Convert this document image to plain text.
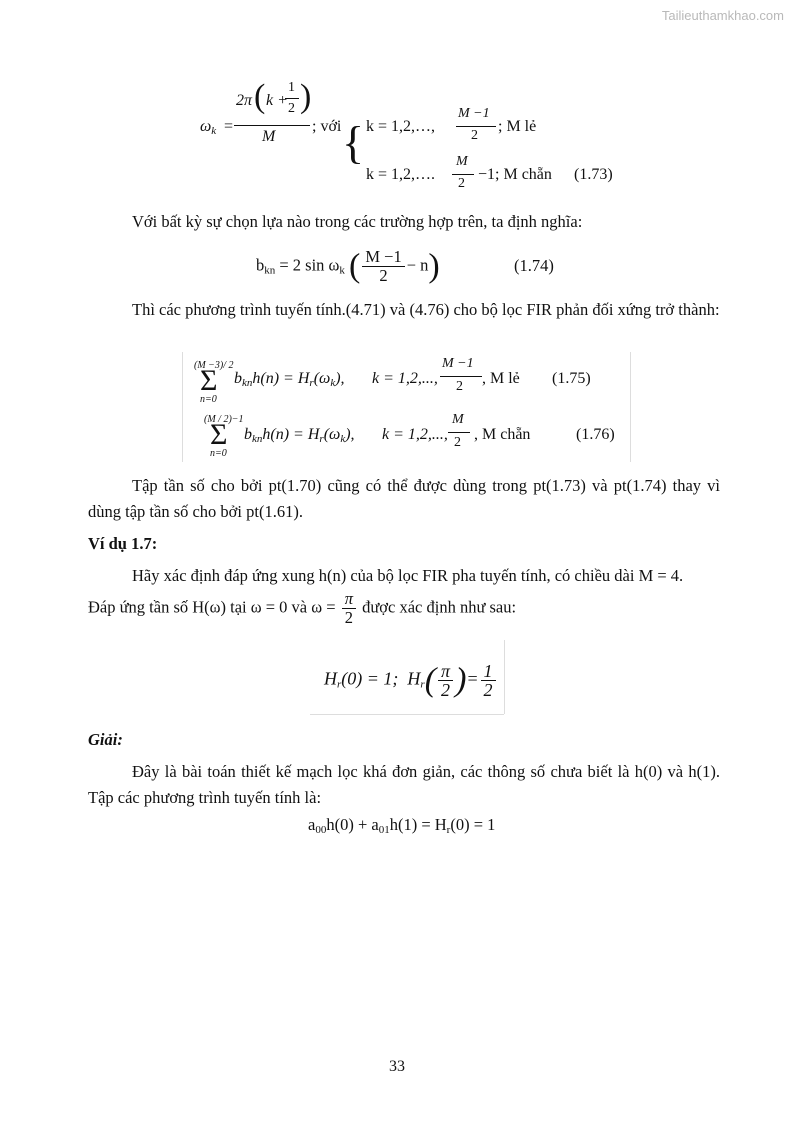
Tailieuthamkhao.com
$\omega_k$ =
2π ( k +
1
2 )
M
; với { k = 1,2,…,
M −1
2
; M lẻ
k = 1,2,….
M
2
−1; M chẵn (1.73)
Với bất kỳ sự chọn lựa nào trong các trường hợp trên, ta định nghĩa:
$b_{kn} = 2$ $\sin \omega_k$ ( $\frac{M -1}{2} - n$)	(1.74)
Thì các phương trình tuyến tính.(4.71) và (4.76) cho bộ lọc FIR phản đối xứng trở thành:
(M −3)/ 2
Σ
n=0
$b_{kn}h(n) = H_r(\omega_k)$, k = 1,2,...,
M −1
2 , M lẻ (1.75)
(M / 2)−1
Σ
n=0
$b_{kn}h(n) = H_r(\omega_k)$, k = 1,2,...,
M
2 , M chẵn	(1.76)
Tập tần số cho bởi pt(1.70) cũng có thể được dùng trong pt(1.73) và pt(1.74) thay vì dùng tập tần số cho bởi pt(1.61).
Ví dụ 1.7:
Hãy xác định đáp ứng xung h(n) của bộ lọc FIR pha tuyến tính, có chiều dài M = 4.
Đáp ứng tần số H(ω) tại ω = 0 và $\omega = \frac{\pi}{2}$ được xác định như sau:
$H_r(0) = 1$; $H_r( \frac{\pi}{2}$ )= $\frac{1}{2}$
Giải:
Đây là bài toán thiết kế mạch lọc khá đơn giản, các thông số chưa biết là h(0) và h(1). Tập các phương trình tuyến tính là:
$a_{00}h(0) + a_{01}h(1) = H_r(0) = 1$
33
